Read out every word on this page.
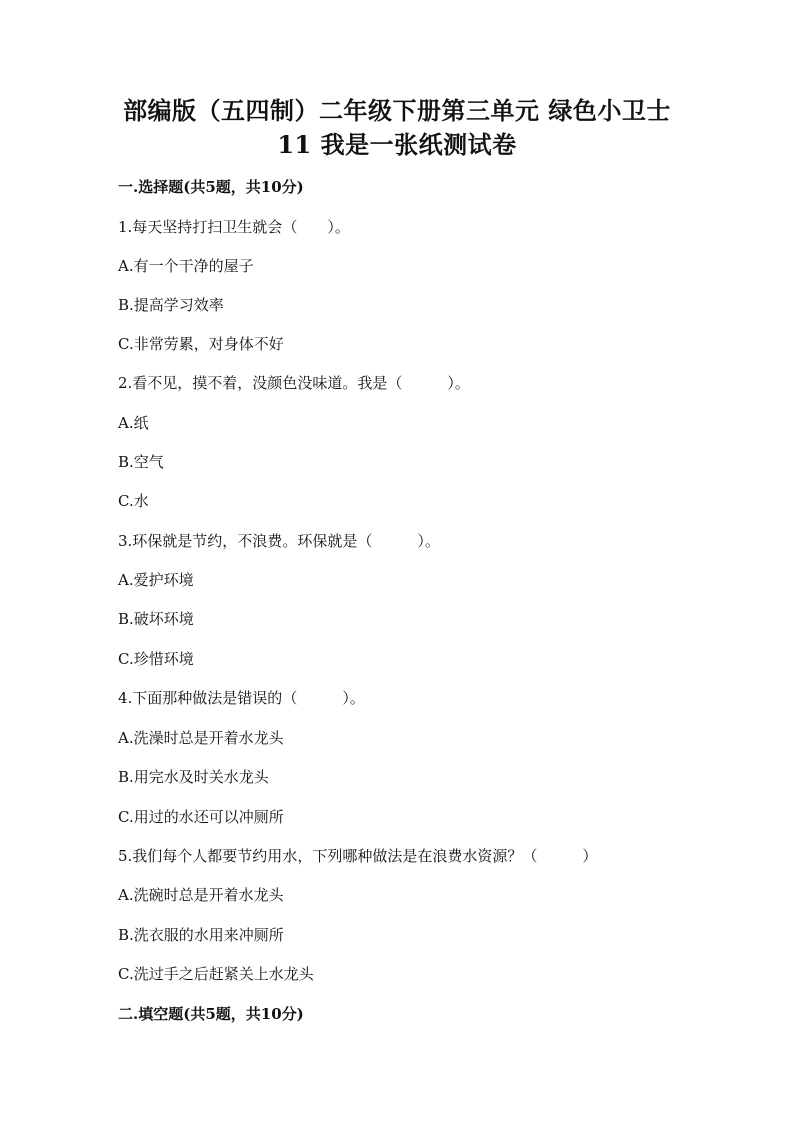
部编版（五四制）二年级下册第三单元 绿色小卫士
11 我是一张纸测试卷
一.选择题(共5题，共10分)
1.每天坚持打扫卫生就会（　　）。
A.有一个干净的屋子
B.提高学习效率
C.非常劳累，对身体不好
2.看不见，摸不着，没颜色没味道。我是（　　　）。
A.纸
B.空气
C.水
3.环保就是节约，不浪费。环保就是（　　　）。
A.爱护环境
B.破坏环境
C.珍惜环境
4.下面那种做法是错误的（　　　）。
A.洗澡时总是开着水龙头
B.用完水及时关水龙头
C.用过的水还可以冲厕所
5.我们每个人都要节约用水，下列哪种做法是在浪费水资源？（　　　）
A.洗碗时总是开着水龙头
B.洗衣服的水用来冲厕所
C.洗过手之后赶紧关上水龙头
二.填空题(共5题，共10分)
